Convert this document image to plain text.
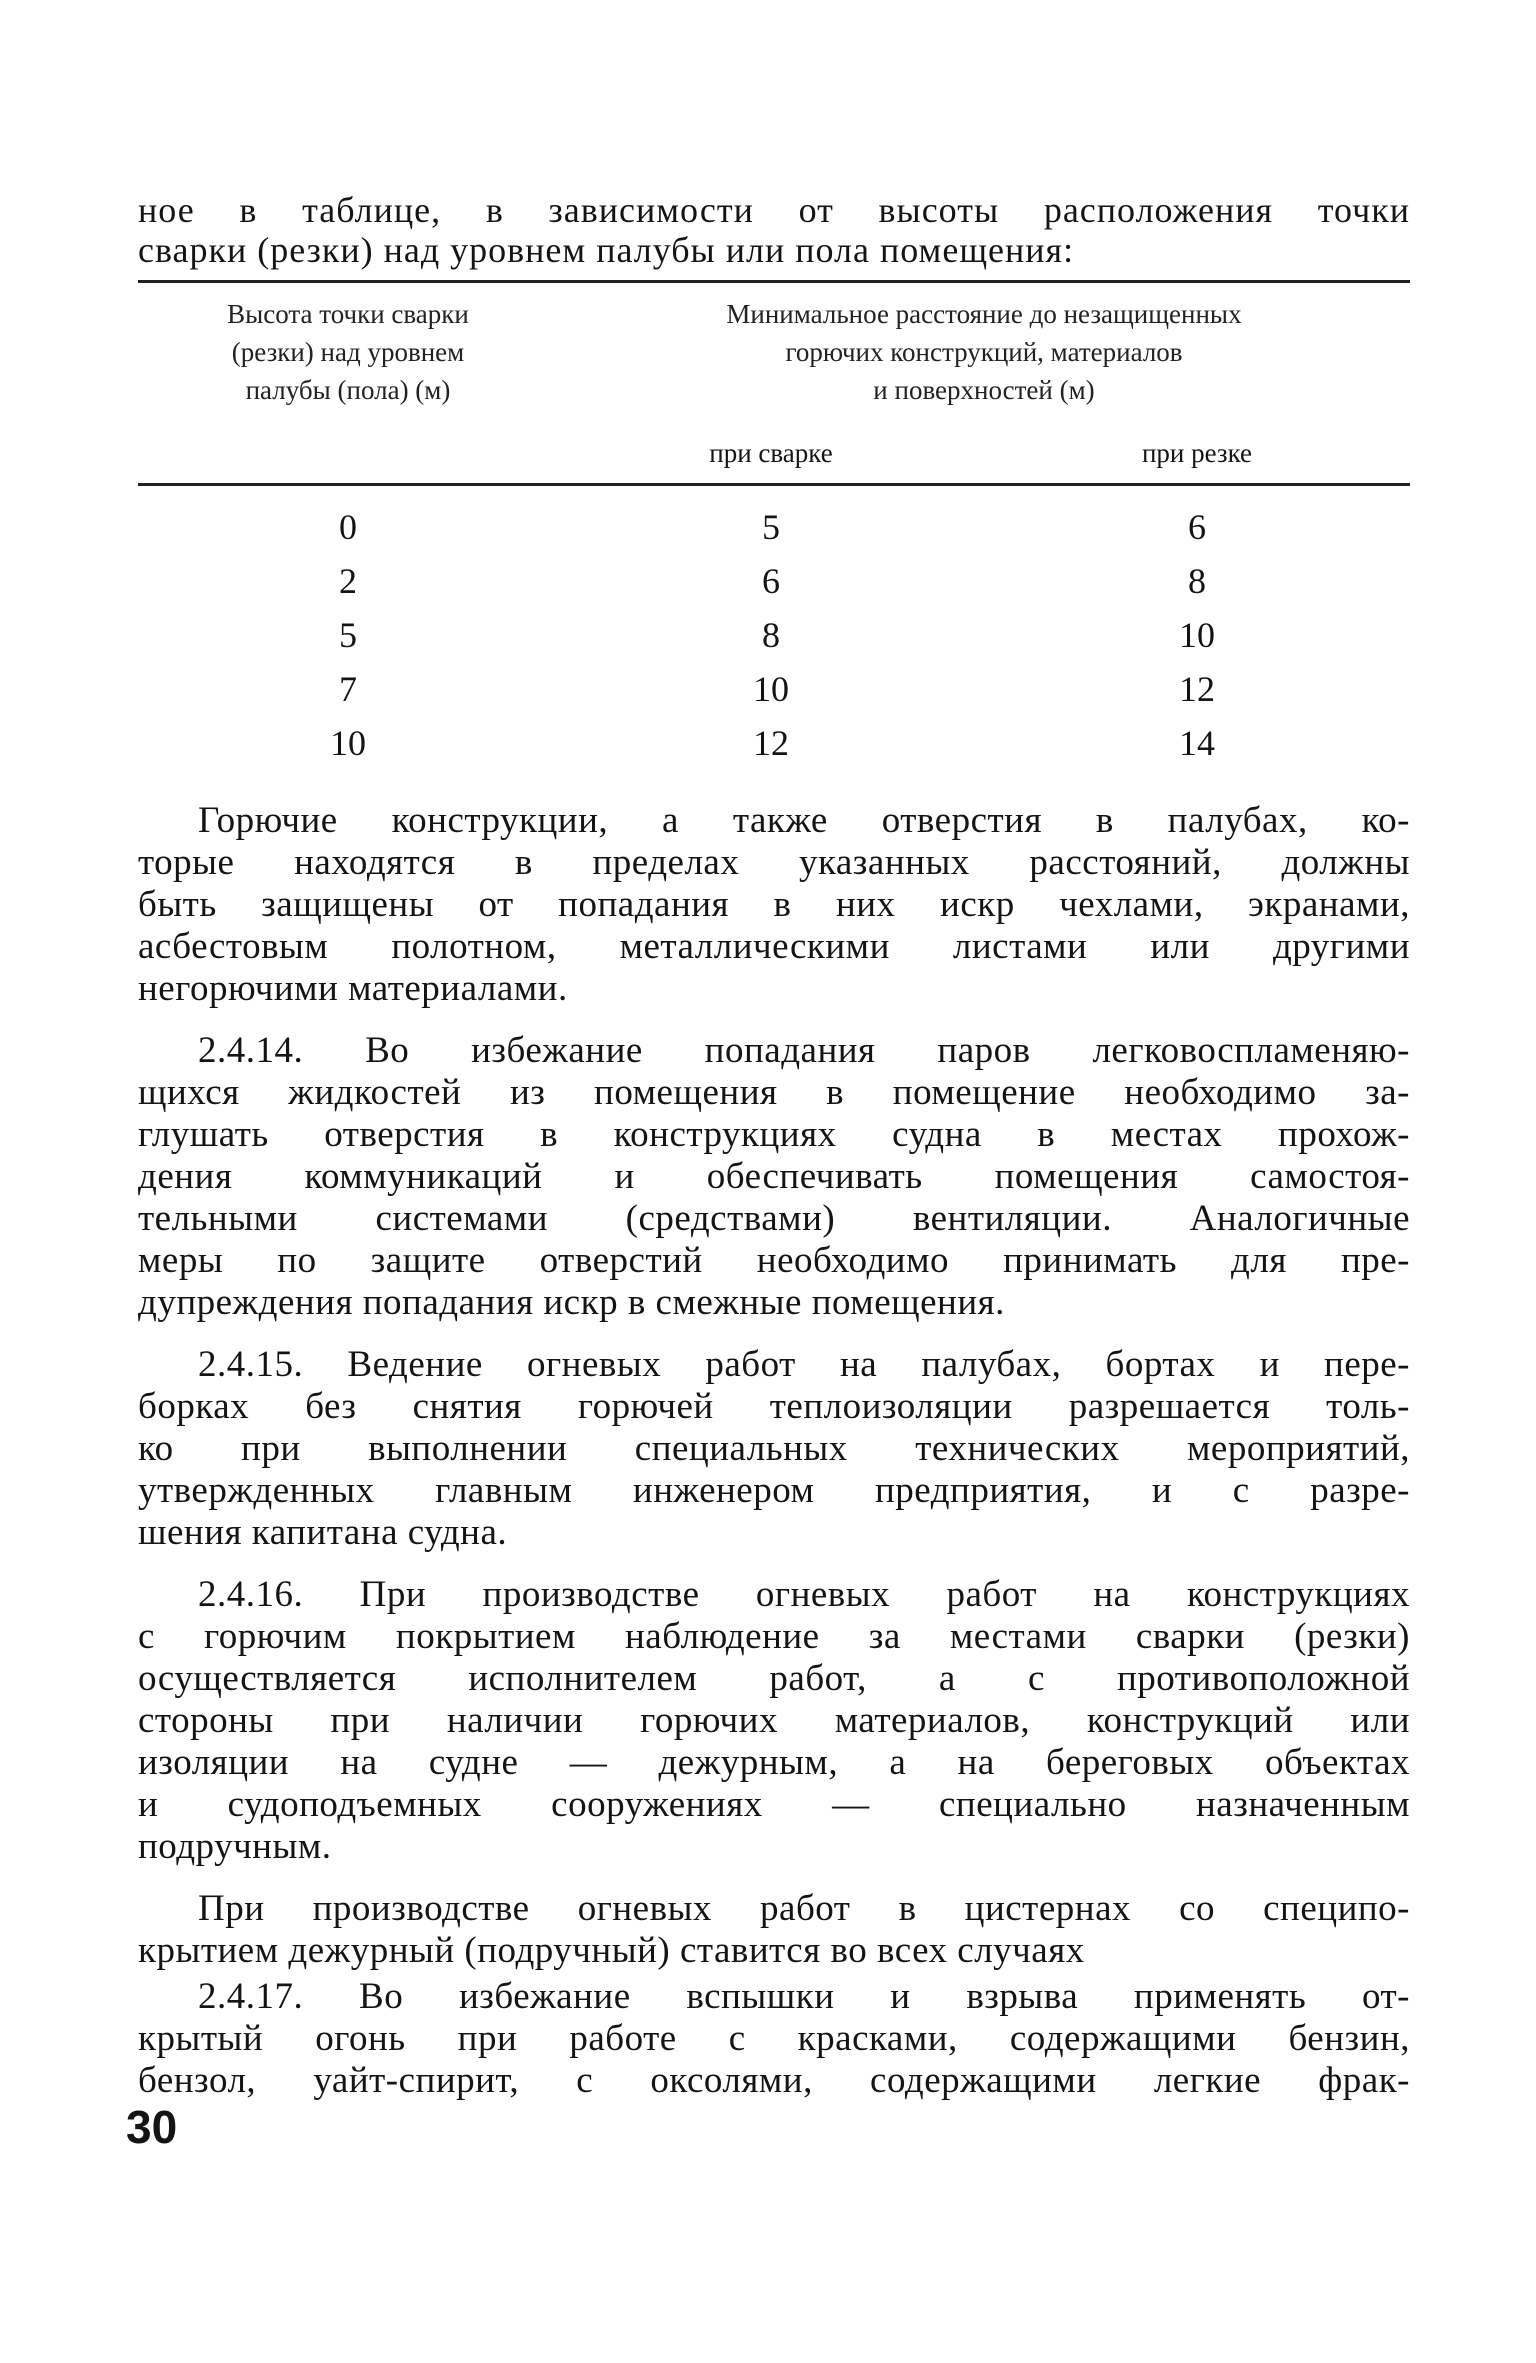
ное в таблице, в зависимости от высоты расположения точки
сварки (резки) над уровнем палубы или пола помещения:
Высота точки сварки
(резки) над уровнем
палубы (пола) (м)
Минимальное расстояние до незащищенных
горючих конструкций, материалов
и поверхностей (м)
при сварке	при резке
0	5	6
2	6	8
5	8	10
7	10	12
10	12	14
Горючие конструкции, а также отверстия в палубах, ко-
торые находятся в пределах указанных расстояний, должны
быть защищены от попадания в них искр чехлами, экранами,
асбестовым полотном, металлическими листами или другими
негорючими материалами.
2.4.14. Во избежание попадания паров легковоспламеняю-
щихся жидкостей из помещения в помещение необходимо за-
глушать отверстия в конструкциях судна в местах прохож-
дения коммуникаций и обеспечивать помещения самостоя-
тельными системами (средствами) вентиляции. Аналогичные
меры по защите отверстий необходимо принимать для пре-
дупреждения попадания искр в смежные помещения.
2.4.15. Ведение огневых работ на палубах, бортах и пере-
борках без снятия горючей теплоизоляции разрешается толь-
ко при выполнении специальных технических мероприятий,
утвержденных главным инженером предприятия, и с разре-
шения капитана судна.
2.4.16. При производстве огневых работ на конструкциях
с горючим покрытием наблюдение за местами сварки (резки)
осуществляется исполнителем работ, а с противоположной
стороны при наличии горючих материалов, конструкций или
изоляции на судне — дежурным, а на береговых объектах
и судоподъемных сооружениях — специально назначенным
подручным.
При производстве огневых работ в цистернах со специпо-
крытием дежурный (подручный) ставится во всех случаях
2.4.17. Во избежание вспышки и взрыва применять от-
крытый огонь при работе с красками, содержащими бензин,
бензол, уайт-спирит, с оксолями, содержащими легкие фрак-
30
